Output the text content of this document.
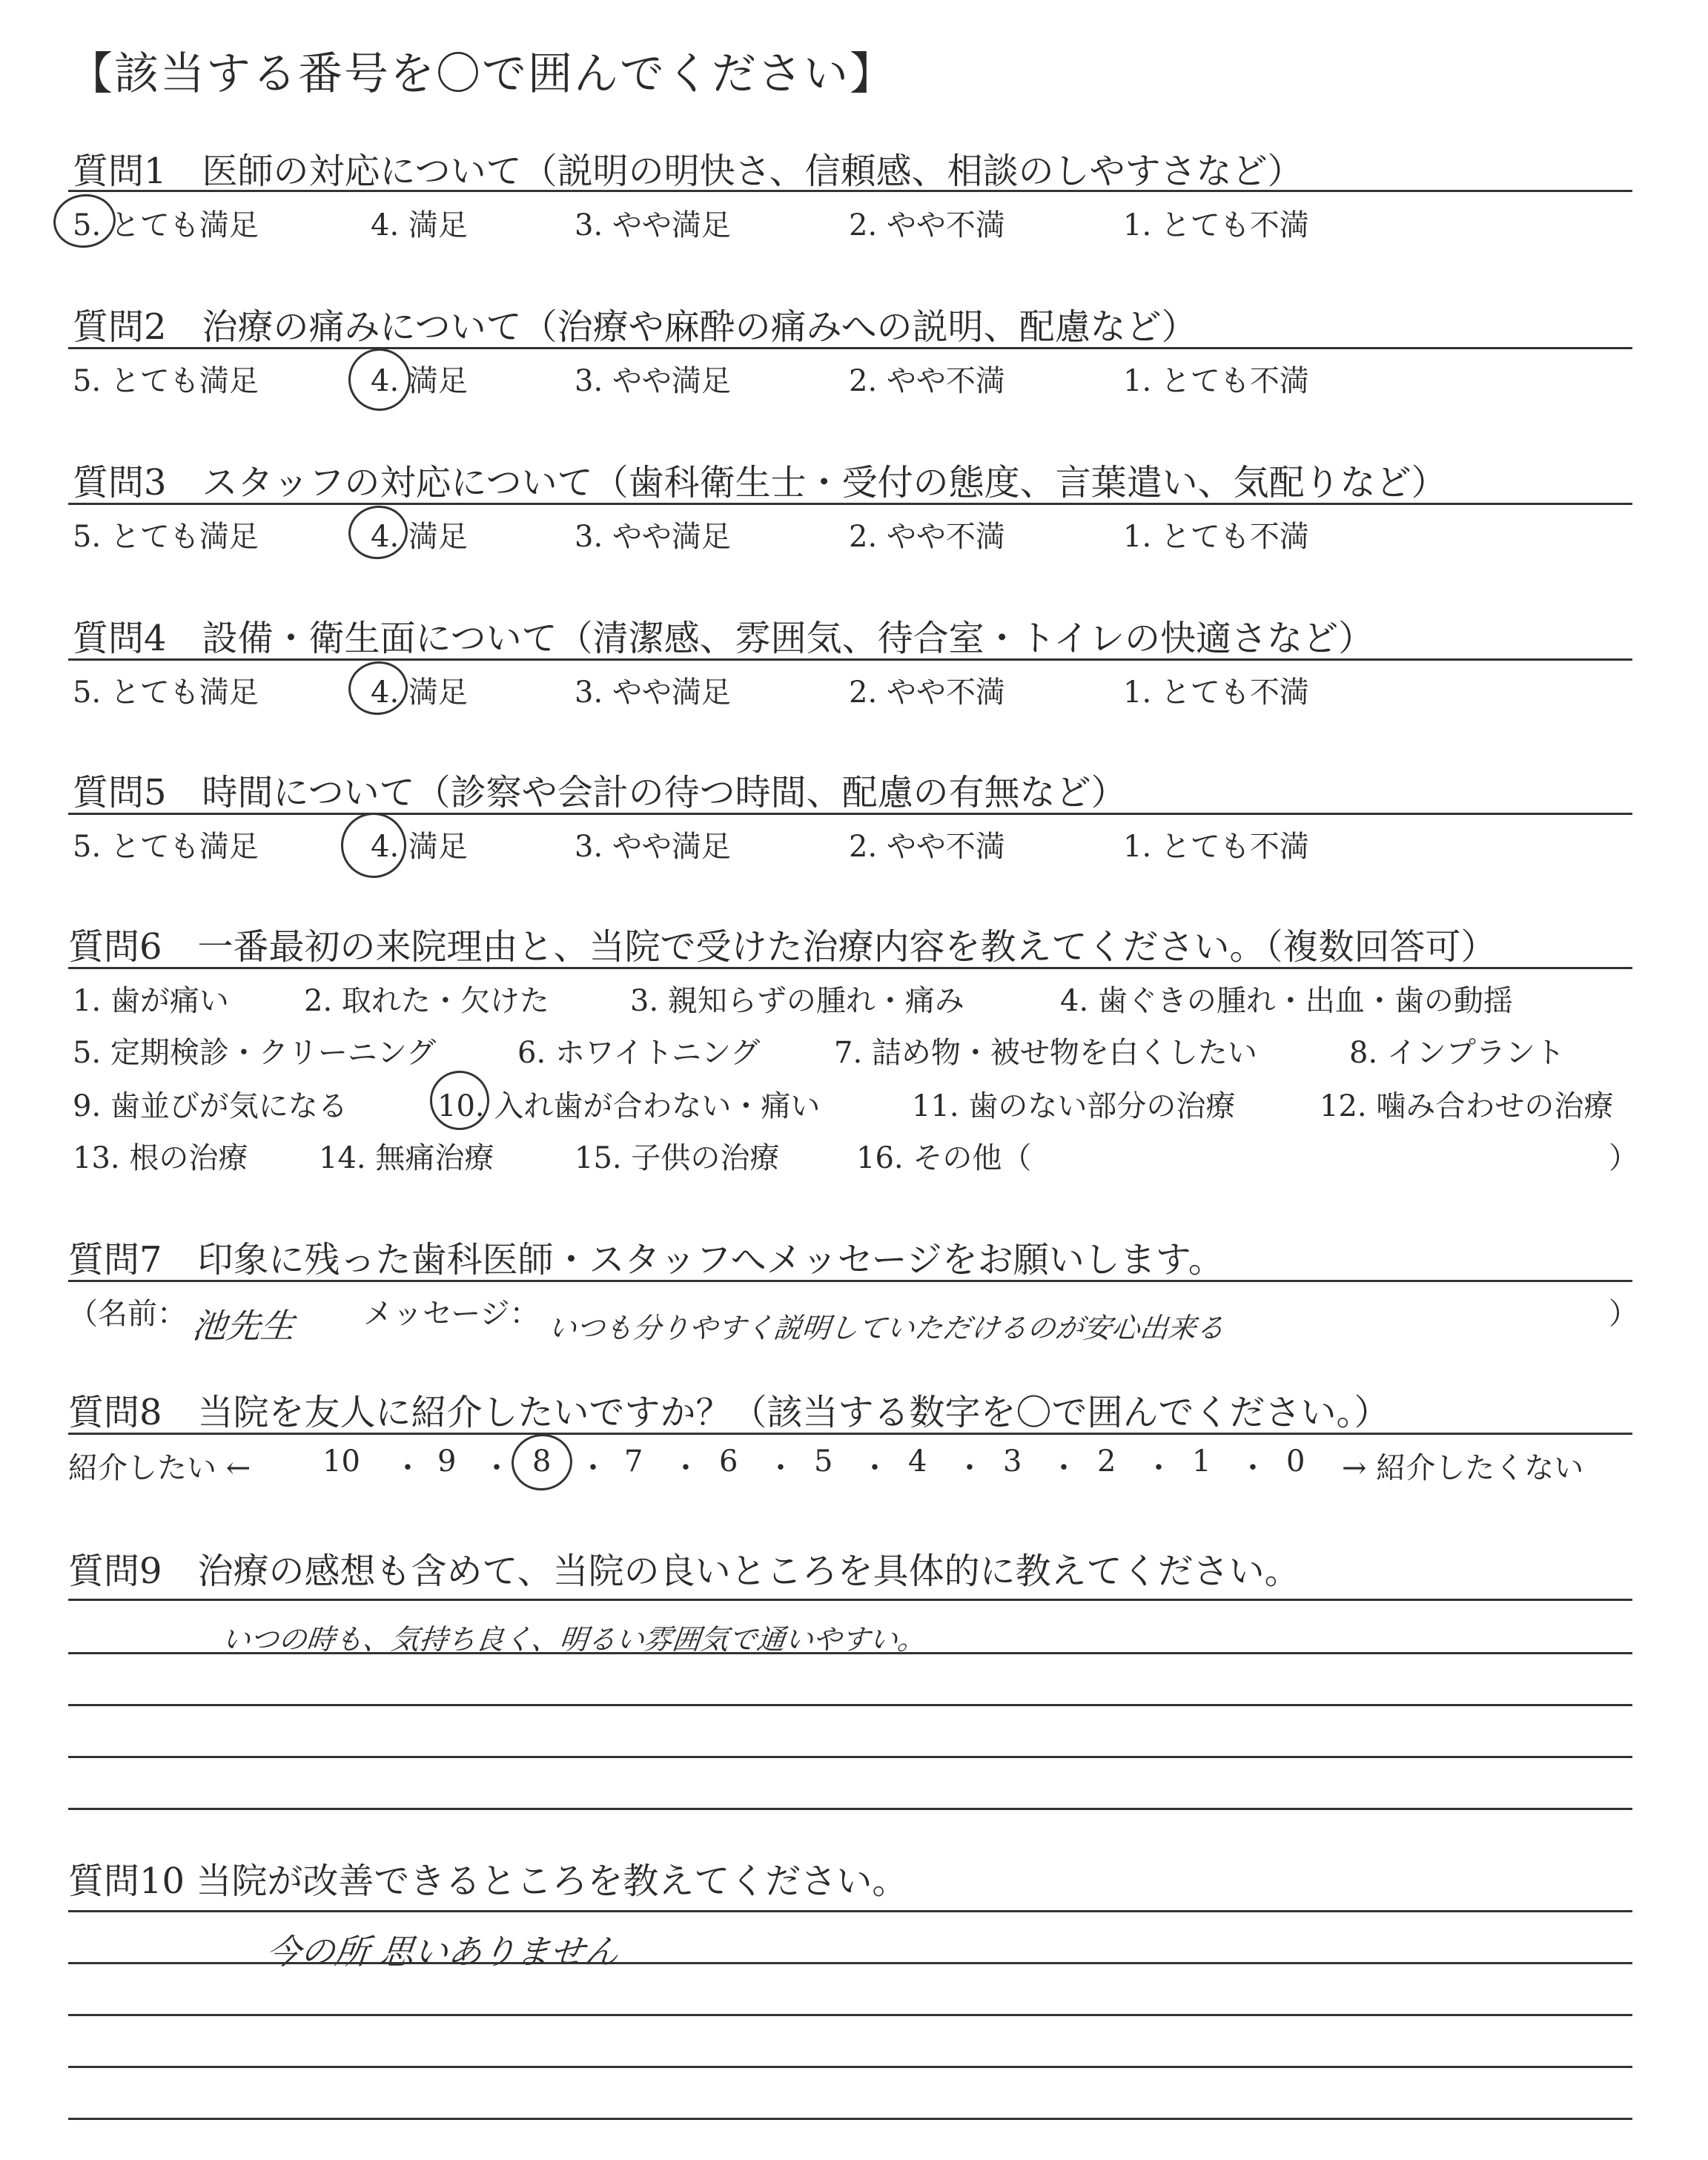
【該当する番号を〇で囲んでください】
質問1　医師の対応について（説明の明快さ、信頼感、相談のしやすさなど）
5. とても満足	4. 満足	3. やや満足	2. やや不満	1. とても不満
質問2　治療の痛みについて（治療や麻酔の痛みへの説明、配慮など）
5. とても満足	4. 満足	3. やや満足	2. やや不満	1. とても不満
質問3　スタッフの対応について（歯科衛生士・受付の態度、言葉遣い、気配りなど）
5. とても満足	4. 満足	3. やや満足	2. やや不満	1. とても不満
質問4　設備・衛生面について（清潔感、雰囲気、待合室・トイレの快適さなど）
5. とても満足	4. 満足	3. やや満足	2. やや不満	1. とても不満
質問5　時間について（診察や会計の待つ時間、配慮の有無など）
5. とても満足	4. 満足	3. やや満足	2. やや不満	1. とても不満
質問6　一番最初の来院理由と、当院で受けた治療内容を教えてください。（複数回答可）
1. 歯が痛い	2. 取れた・欠けた	3. 親知らずの腫れ・痛み	4. 歯ぐきの腫れ・出血・歯の動揺
5. 定期検診・クリーニング	6. ホワイトニング 7. 詰め物・被せ物を白くしたい	8. インプラント
9. 歯並びが気になる	10. 入れ歯が合わない・痛い	11. 歯のない部分の治療	12. 噛み合わせの治療
13. 根の治療 14. 無痛治療	15. 子供の治療	16. その他（	）
質問7　印象に残った歯科医師・スタッフへメッセージをお願いします。
（名前： 池先生 メッセージ： いつも分りやすく説明していただけるのが安心出来る	）
質問8　当院を友人に紹介したいですか？（該当する数字を〇で囲んでください。）
紹介したい ← 10 ・ 9 ・ 8 ・ 7 ・ 6 ・ 5 ・ 4 ・ 3 ・ 2 ・ 1 ・ 0 → 紹介したくない
質問9　治療の感想も含めて、当院の良いところを具体的に教えてください。
いつの時も、気持ち良く、明るい雰囲気で通いやすい。
質問10 当院が改善できるところを教えてください。
今の所 思いありません
